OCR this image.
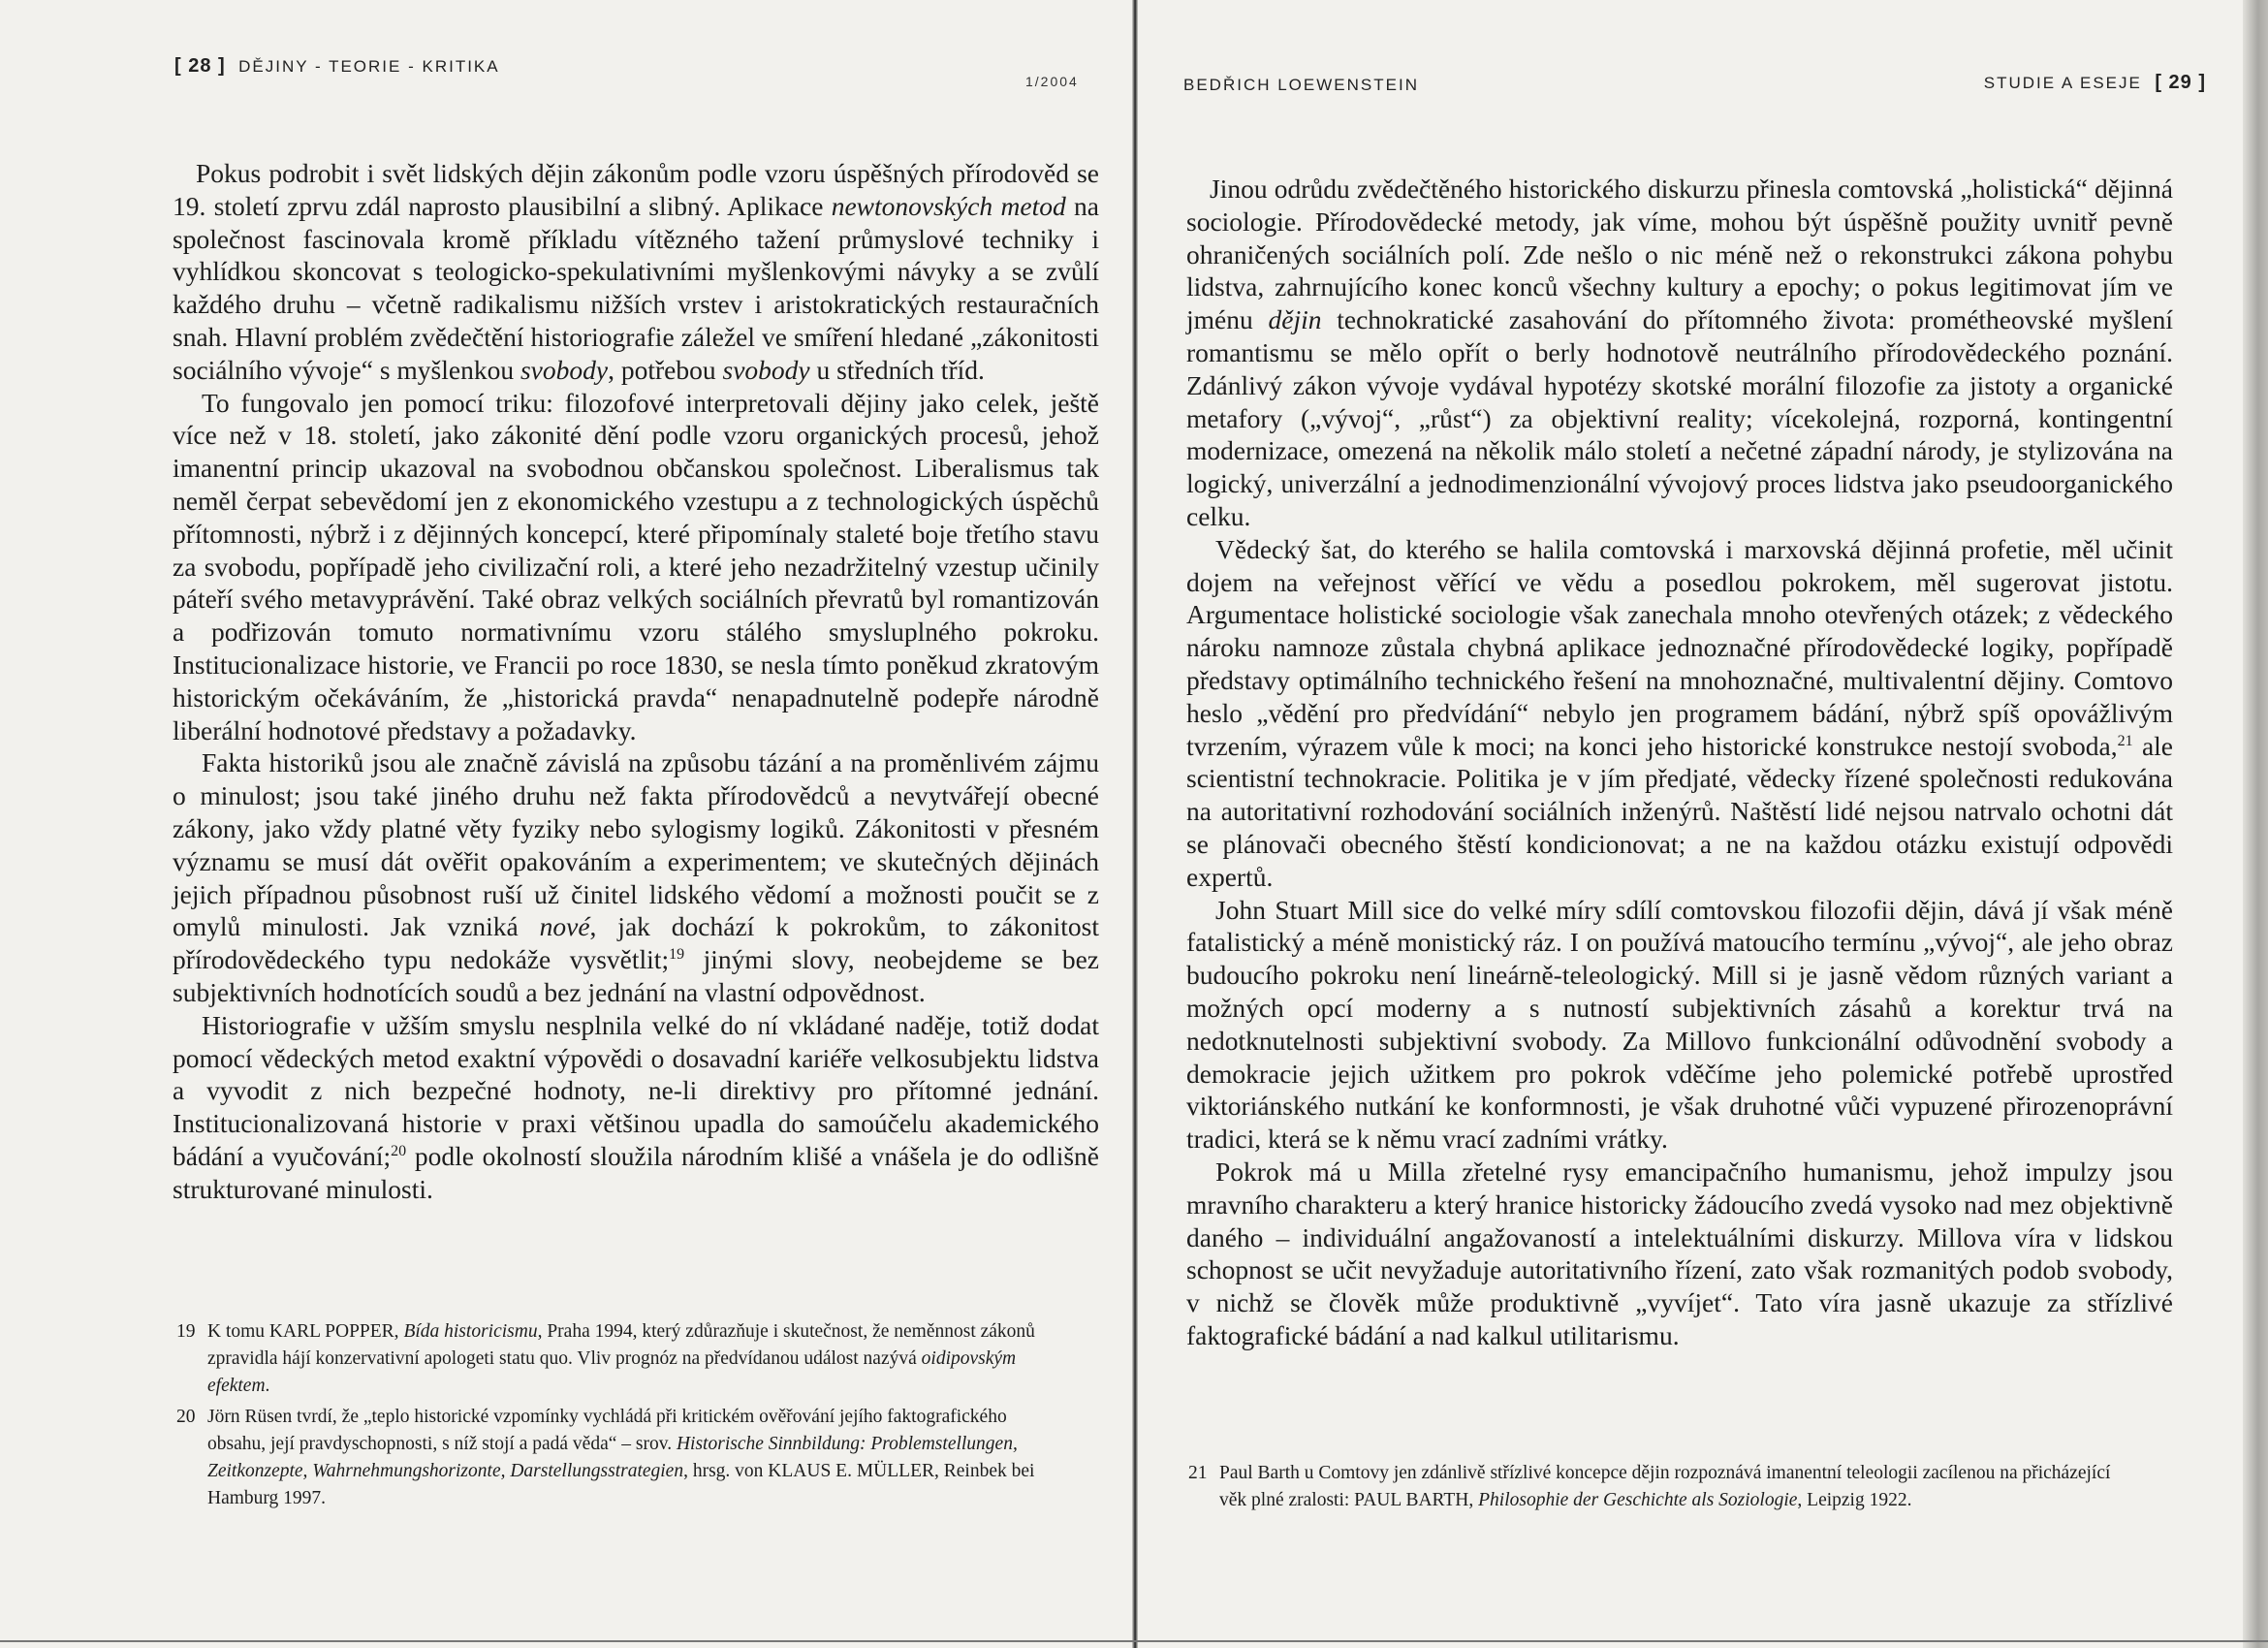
[ 28 ] DĚJINY - TEORIE - KRITIKA
1/2004

Pokus podrobit i svět lidských dějin zákonům podle vzoru úspěšných přírodověd se 19. století zprvu zdál naprosto plausibilní a slibný. Aplikace newtonovských metod na společnost fascinovala kromě příkladu vítězného tažení průmyslové techniky i vyhlídkou skoncovat s teologicko-spekulativními myšlenkovými návyky a se zvůlí každého druhu – včetně radikalismu nižších vrstev i aristokratických restauračních snah. Hlavní problém zvědečtění historiografie záležel ve smíření hledané „zákonitosti sociálního vývoje“ s myšlenkou svobody, potřebou svobody u středních tříd.

To fungovalo jen pomocí triku: filozofové interpretovali dějiny jako celek, ještě více než v 18. století, jako zákonité dění podle vzoru organických procesů, jehož imanentní princip ukazoval na svobodnou občanskou společnost. Liberalismus tak neměl čerpat sebevědomí jen z ekonomického vzestupu a z technologických úspěchů přítomnosti, nýbrž i z dějinných koncepcí, které připomínaly staleté boje třetího stavu za svobodu, popřípadě jeho civilizační roli, a které jeho nezadržitelný vzestup učinily páteří svého metavyprávění. Také obraz velkých sociálních převratů byl romantizován a podřizován tomuto normativnímu vzoru stálého smysluplného pokroku. Institucionalizace historie, ve Francii po roce 1830, se nesla tímto poněkud zkratovým historickým očekáváním, že „historická pravda“ nenapadnutelně podepře národně liberální hodnotové představy a požadavky.

Fakta historiků jsou ale značně závislá na způsobu tázání a na proměnlivém zájmu o minulost; jsou také jiného druhu než fakta přírodovědců a nevytvářejí obecné zákony, jako vždy platné věty fyziky nebo sylogismy logiků. Zákonitosti v přesném významu se musí dát ověřit opakováním a experimentem; ve skutečných dějinách jejich případnou působnost ruší už činitel lidského vědomí a možnosti poučit se z omylů minulosti. Jak vzniká nové, jak dochází k pokrokům, to zákonitost přírodovědeckého typu nedokáže vysvětlit;$^{19}$ jinými slovy, neobejdeme se bez subjektivních hodnotících soudů a bez jednání na vlastní odpovědnost.

Historiografie v užším smyslu nesplnila velké do ní vkládané naděje, totiž dodat pomocí vědeckých metod exaktní výpovědi o dosavadní kariéře velkosubjektu lidstva a vyvodit z nich bezpečné hodnoty, ne-li direktivy pro přítomné jednání. Institucionalizovaná historie v praxi většinou upadla do samoúčelu akademického bádání a vyučování;$^{20}$ podle okolností sloužila národním klišé a vnášela je do odlišně strukturované minulosti.

19 K tomu KARL POPPER, Bída historicismu, Praha 1994, který zdůrazňuje i skutečnost, že neměnnost zákonů zpravidla hájí konzervativní apologeti statu quo. Vliv prognóz na předvídanou událost nazývá oidipovským efektem.
20 Jörn Rüsen tvrdí, že „teplo historické vzpomínky vychládá při kritickém ověřování jejího faktografického obsahu, její pravdyschopnosti, s níž stojí a padá věda“ – srov. Historische Sinnbildung: Problemstellungen, Zeitkonzepte, Wahrnehmungshorizonte, Darstellungsstrategien, hrsg. von KLAUS E. MÜLLER, Reinbek bei Hamburg 1997.
BEDŘICH LOEWENSTEIN	STUDIE A ESEJE [ 29 ]

Jinou odrůdu zvědečtěného historického diskurzu přinesla comtovská „holistická“ dějinná sociologie. Přírodovědecké metody, jak víme, mohou být úspěšně použity uvnitř pevně ohraničených sociálních polí. Zde nešlo o nic méně než o rekonstrukci zákona pohybu lidstva, zahrnujícího konec konců všechny kultury a epochy; o pokus legitimovat jím ve jménu dějin technokratické zasahování do přítomného života: prométheovské myšlení romantismu se mělo opřít o berly hodnotově neutrálního přírodovědeckého poznání. Zdánlivý zákon vývoje vydával hypotézy skotské morální filozofie za jistoty a organické metafory („vývoj“, „růst“) za objektivní reality; vícekolejná, rozporná, kontingentní modernizace, omezená na několik málo století a nečetné západní národy, je stylizována na logický, univerzální a jednodimenzionální vývojový proces lidstva jako pseudoorganického celku.

Vědecký šat, do kterého se halila comtovská i marxovská dějinná profetie, měl učinit dojem na veřejnost věřící ve vědu a posedlou pokrokem, měl sugerovat jistotu. Argumentace holistické sociologie však zanechala mnoho otevřených otázek; z vědeckého nároku namnoze zůstala chybná aplikace jednoznačné přírodovědecké logiky, popřípadě představy optimálního technického řešení na mnohoznačné, multivalentní dějiny. Comtovo heslo „vědění pro předvídání“ nebylo jen programem bádání, nýbrž spíš opovážlivým tvrzením, výrazem vůle k moci; na konci jeho historické konstrukce nestojí svoboda,$^{21}$ ale scientistní technokracie. Politika je v jím předjaté, vědecky řízené společnosti redukována na autoritativní rozhodování sociálních inženýrů. Naštěstí lidé nejsou natrvalo ochotni dát se plánovači obecného štěstí kondicionovat; a ne na každou otázku existují odpovědi expertů.

John Stuart Mill sice do velké míry sdílí comtovskou filozofii dějin, dává jí však méně fatalistický a méně monistický ráz. I on používá matoucího termínu „vývoj“, ale jeho obraz budoucího pokroku není lineárně-teleologický. Mill si je jasně vědom různých variant a možných opcí moderny a s nutností subjektivních zásahů a korektur trvá na nedotknutelnosti subjektivní svobody. Za Millovo funkcionální odůvodnění svobody a demokracie jejich užitkem pro pokrok vděčíme jeho polemické potřebě uprostřed viktoriánského nutkání ke konformnosti, je však druhotné vůči vypuzené přirozenoprávní tradici, která se k němu vrací zadními vrátky.

Pokrok má u Milla zřetelné rysy emancipačního humanismu, jehož impulzy jsou mravního charakteru a který hranice historicky žádoucího zvedá vysoko nad mez objektivně daného – individuální angažovaností a intelektuálními diskurzy. Millova víra v lidskou schopnost se učit nevyžaduje autoritativního řízení, zato však rozmanitých podob svobody, v nichž se člověk může produktivně „vyvíjet“. Tato víra jasně ukazuje za střízlivé faktografické bádání a nad kalkul utilitarismu.

21 Paul Barth u Comtovy jen zdánlivě střízlivé koncepce dějin rozpoznává imanentní teleologii zacílenou na přicházející věk plné zralosti: PAUL BARTH, Philosophie der Geschichte als Soziologie, Leipzig 1922.
